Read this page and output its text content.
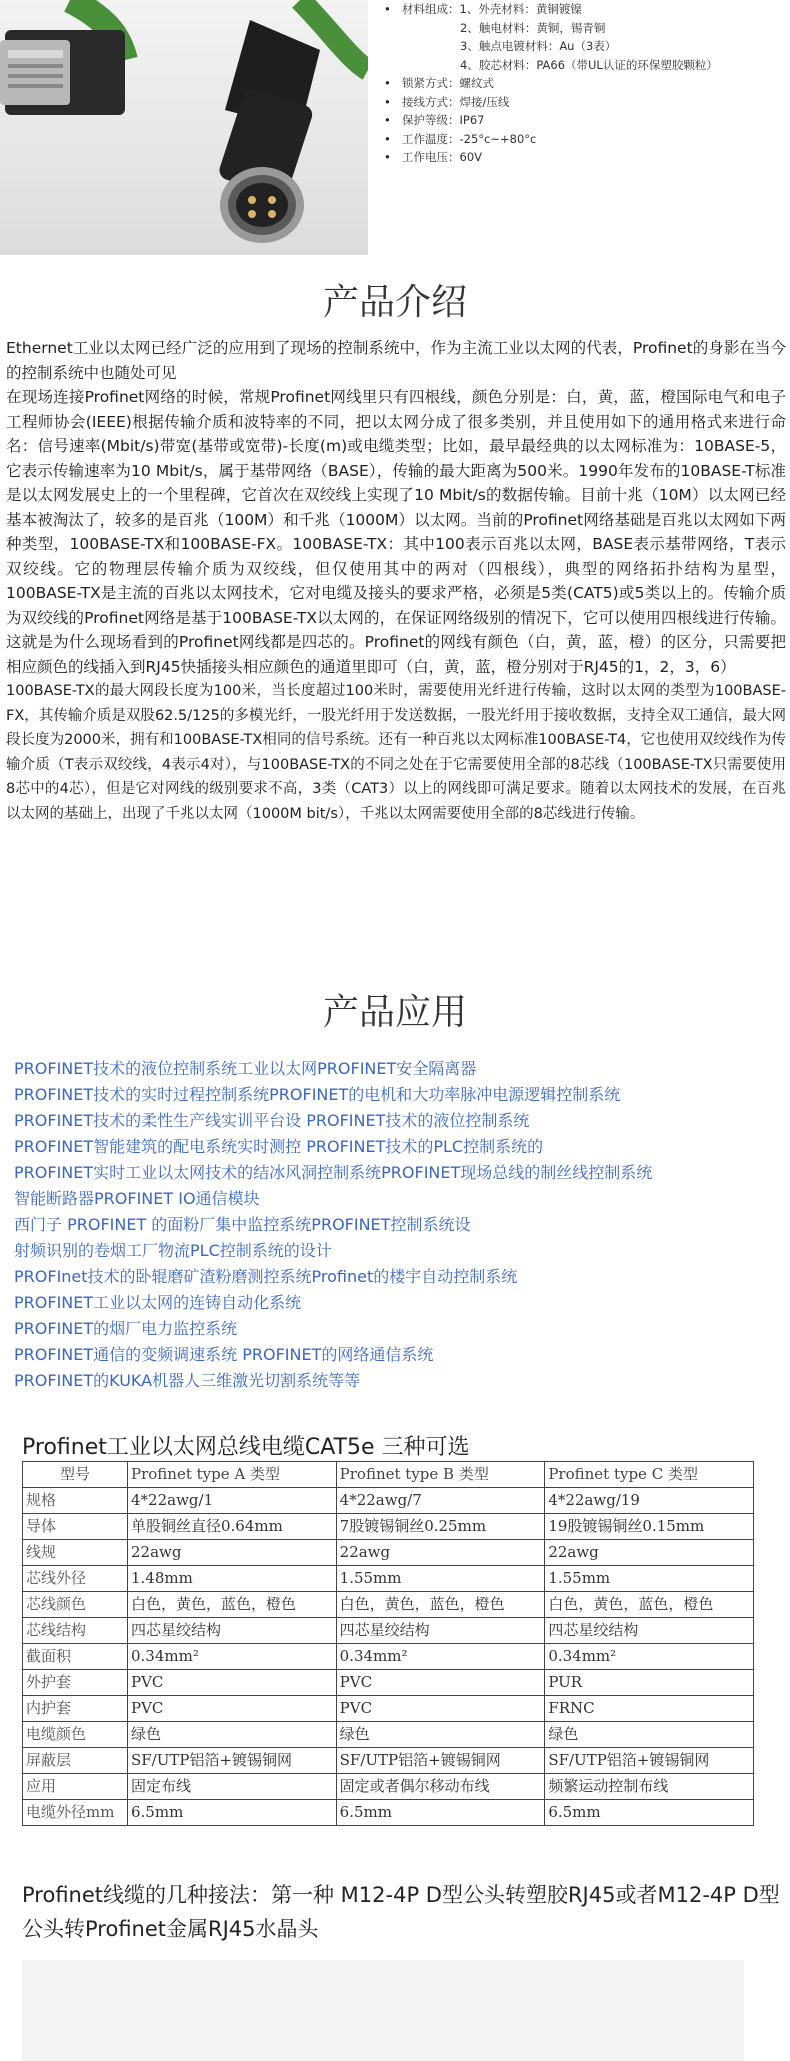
• 材料组成：1、外壳材料：黄铜镀镍
2、触电材料：黄铜，锡青铜
3、触点电镀材料：Au（3表）
4、胶芯材料：PA66（带UL认证的环保塑胶颗粒）
• 锁紧方式：螺纹式
• 接线方式：焊接/压线
• 保护等级：IP67
• 工作温度：-25°c~+80°c
• 工作电压：60V
产品介绍

Ethernet工业以太网已经广泛的应用到了现场的控制系统中，作为主流工业以太网的代表，Profinet的身影在当今的控制系统中也随处可见

在现场连接Profinet网络的时候，常规Profinet网线里只有四根线，颜色分别是：白，黄，蓝，橙国际电气和电子工程师协会(IEEE)根据传输介质和波特率的不同，把以太网分成了很多类别，并且使用如下的通用格式来进行命名：信号速率(Mbit/s)带宽(基带或宽带)-长度(m)或电缆类型；比如，最早最经典的以太网标准为：10BASE-5，它表示传输速率为10 Mbit/s，属于基带网络（BASE），传输的最大距离为500米。1990年发布的10BASE-T标准是以太网发展史上的一个里程碑，它首次在双绞线上实现了10 Mbit/s的数据传输。目前十兆（10M）以太网已经基本被淘汰了，较多的是百兆（100M）和千兆（1000M）以太网。当前的Profinet网络基础是百兆以太网如下两种类型，100BASE-TX和100BASE-FX。100BASE-TX：其中100表示百兆以太网，BASE表示基带网络，T表示双绞线。它的物理层传输介质为双绞线，但仅使用其中的两对（四根线），典型的网络拓扑结构为星型，100BASE-TX是主流的百兆以太网技术，它对电缆及接头的要求严格，必须是5类(CAT5)或5类以上的。传输介质为双绞线的Profinet网络是基于100BASE-TX以太网的，在保证网络级别的情况下，它可以使用四根线进行传输。这就是为什么现场看到的Profinet网线都是四芯的。Profinet的网线有颜色（白，黄，蓝，橙）的区分，只需要把相应颜色的线插入到RJ45快插接头相应颜色的通道里即可（白，黄，蓝，橙分别对于RJ45的1，2，3，6）

100BASE-TX的最大网段长度为100米，当长度超过100米时，需要使用光纤进行传输，这时以太网的类型为100BASE-FX，其传输介质是双股62.5/125的多模光纤，一股光纤用于发送数据，一股光纤用于接收数据，支持全双工通信，最大网段长度为2000米，拥有和100BASE-TX相同的信号系统。还有一种百兆以太网标准100BASE-T4，它也使用双绞线作为传输介质（T表示双绞线，4表示4对），与100BASE-TX的不同之处在于它需要使用全部的8芯线（100BASE-TX只需要使用8芯中的4芯），但是它对网线的级别要求不高，3类（CAT3）以上的网线即可满足要求。随着以太网技术的发展，在百兆以太网的基础上，出现了千兆以太网（1000M bit/s），千兆以太网需要使用全部的8芯线进行传输。

产品应用
PROFINET技术的液位控制系统工业以太网PROFINET安全隔离器
PROFINET技术的实时过程控制系统PROFINET的电机和大功率脉冲电源逻辑控制系统
PROFINET技术的柔性生产线实训平台设 PROFINET技术的液位控制系统
PROFINET智能建筑的配电系统实时测控 PROFINET技术的PLC控制系统的
PROFINET实时工业以太网技术的结冰风洞控制系统PROFINET现场总线的制丝线控制系统
智能断路器PROFINET IO通信模块
西门子 PROFINET 的面粉厂集中监控系统PROFINET控制系统设
射频识别的卷烟工厂物流PLC控制系统的设计
PROFInet技术的卧辊磨矿渣粉磨测控系统Profinet的楼宇自动控制系统
PROFINET工业以太网的连铸自动化系统
PROFINET的烟厂电力监控系统
PROFINET通信的变频调速系统 PROFINET的网络通信系统
PROFINET的KUKA机器人三维激光切割系统等等
Profinet工业以太网总线电缆CAT5e 三种可选
型号	Profinet type A 类型	Profinet type B 类型	Profinet type C 类型
规格	4*22awg/1	4*22awg/7	4*22awg/19
导体	单股铜丝直径0.64mm	7股镀锡铜丝0.25mm	19股镀锡铜丝0.15mm
线规	22awg	22awg	22awg
芯线外径	1.48mm	1.55mm	1.55mm
芯线颜色	白色，黄色，蓝色，橙色	白色，黄色，蓝色，橙色	白色，黄色，蓝色，橙色
芯线结构	四芯星绞结构	四芯星绞结构	四芯星绞结构
截面积	0.34mm²	0.34mm²	0.34mm²
外护套	PVC	PVC	PUR
内护套	PVC	PVC	FRNC
电缆颜色	绿色	绿色	绿色
屏蔽层	SF/UTP铝箔+镀锡铜网	SF/UTP铝箔+镀锡铜网	SF/UTP铝箔+镀锡铜网
应用	固定布线	固定或者偶尔移动布线	频繁运动控制布线
电缆外径mm	6.5mm	6.5mm	6.5mm
Profinet线缆的几种接法：第一种 M12-4P D型公头转塑胶RJ45或者M12-4P D型公头转Profinet金属RJ45水晶头
